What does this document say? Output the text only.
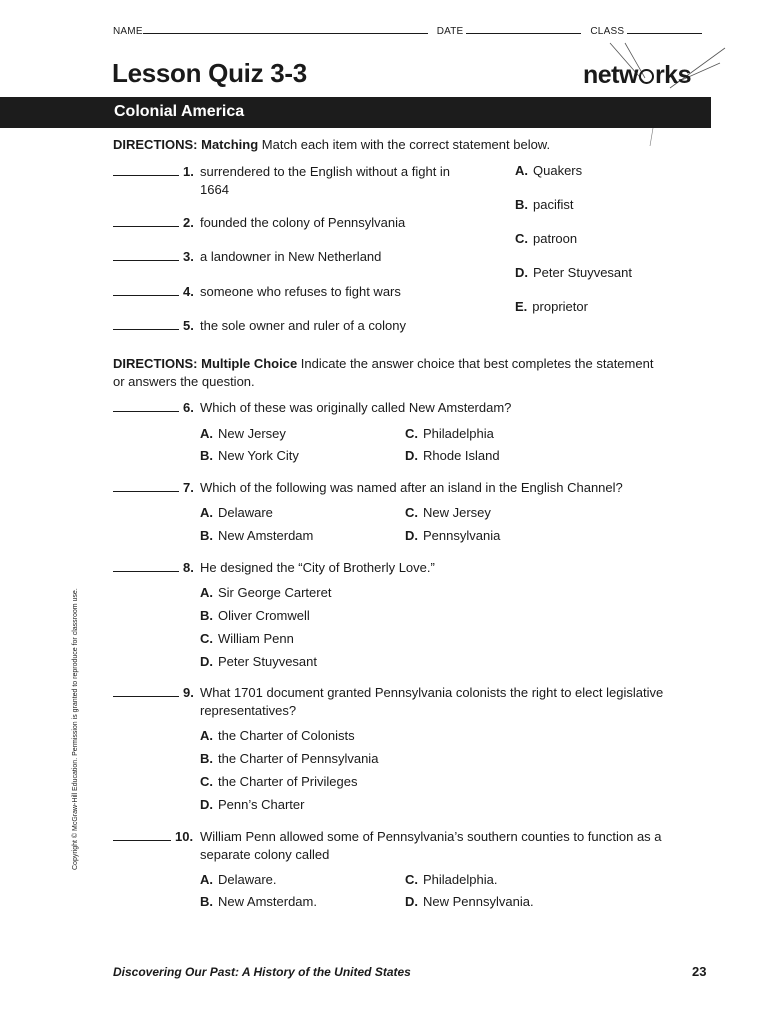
NAME	DATE	CLASS
Lesson Quiz 3-3	netw rks
Colonial America
DIRECTIONS: Matching Match each item with the correct statement below.
1. surrendered to the English without a fight in 1664
2. founded the colony of Pennsylvania
3. a landowner in New Netherland
4. someone who refuses to fight wars
5. the sole owner and ruler of a colony
A. Quakers
B. pacifist
C. patroon
D. Peter Stuyvesant
E. proprietor
DIRECTIONS: Multiple Choice Indicate the answer choice that best completes the statement or answers the question.
6. Which of these was originally called New Amsterdam?
A. New Jersey
B. New York City
C. Philadelphia
D. Rhode Island
7. Which of the following was named after an island in the English Channel?
A. Delaware
B. New Amsterdam
C. New Jersey
D. Pennsylvania
8. He designed the “City of Brotherly Love.”
A. Sir George Carteret
B. Oliver Cromwell
C. William Penn
D. Peter Stuyvesant
9. What 1701 document granted Pennsylvania colonists the right to elect legislative representatives?
A. the Charter of Colonists
B. the Charter of Pennsylvania
C. the Charter of Privileges
D. Penn’s Charter
10. William Penn allowed some of Pennsylvania’s southern counties to function as a separate colony called
A. Delaware.
B. New Amsterdam.
C. Philadelphia.
D. New Pennsylvania.
Copyright © McGraw-Hill Education. Permission is granted to reproduce for classroom use.
Discovering Our Past: A History of the United States	23
